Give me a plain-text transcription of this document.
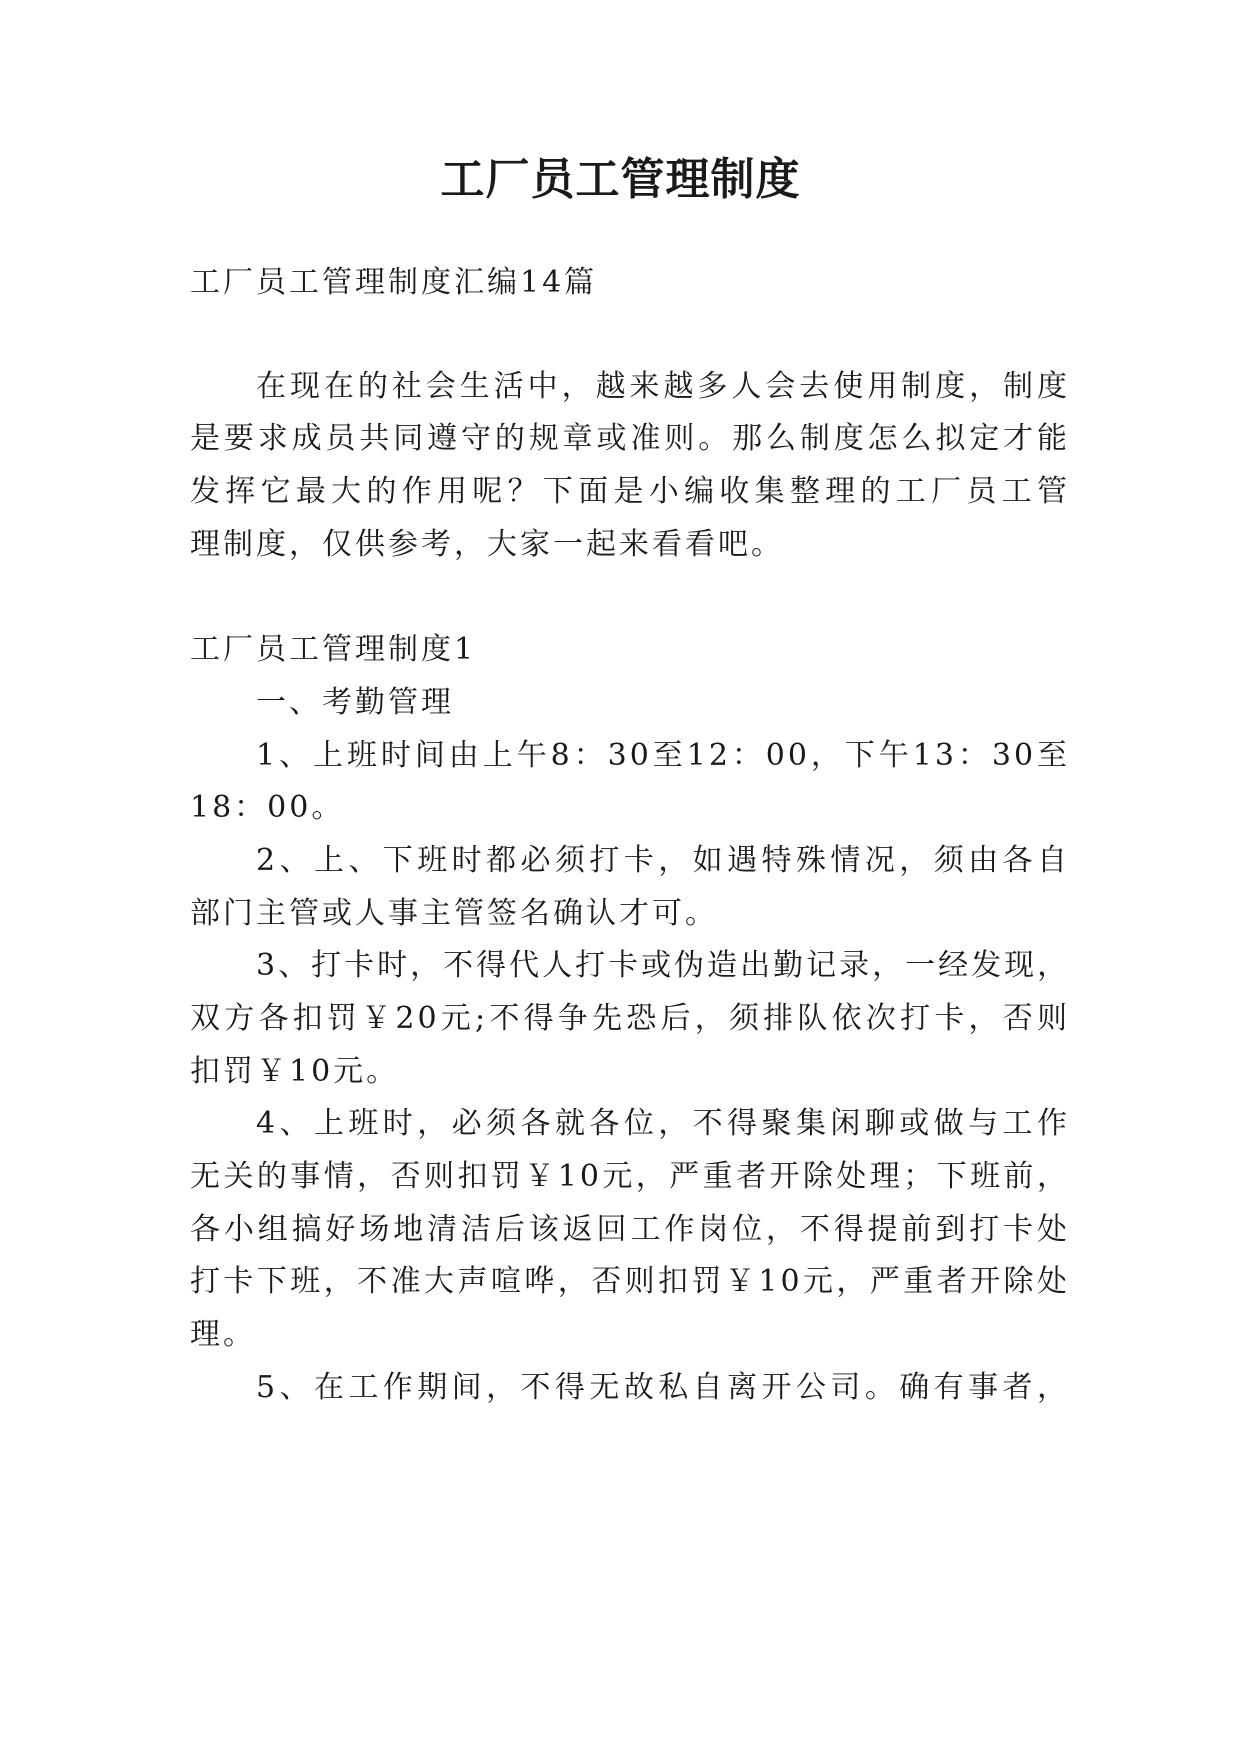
工厂员工管理制度
工厂员工管理制度汇编14篇
在现在的社会生活中，越来越多人会去使用制度，制度
是要求成员共同遵守的规章或准则。那么制度怎么拟定才能
发挥它最大的作用呢？下面是小编收集整理的工厂员工管
理制度，仅供参考，大家一起来看看吧。
工厂员工管理制度1
一、考勤管理
1、上班时间由上午8：30至12：00，下午13：30至
18：00。
2、上、下班时都必须打卡，如遇特殊情况，须由各自
部门主管或人事主管签名确认才可。
3、打卡时，不得代人打卡或伪造出勤记录，一经发现，
双方各扣罚￥20元;不得争先恐后，须排队依次打卡，否则
扣罚￥10元。
4、上班时，必须各就各位，不得聚集闲聊或做与工作
无关的事情，否则扣罚￥10元，严重者开除处理；下班前，
各小组搞好场地清洁后该返回工作岗位，不得提前到打卡处
打卡下班，不准大声喧哗，否则扣罚￥10元，严重者开除处
理。
5、在工作期间，不得无故私自离开公司。确有事者，
